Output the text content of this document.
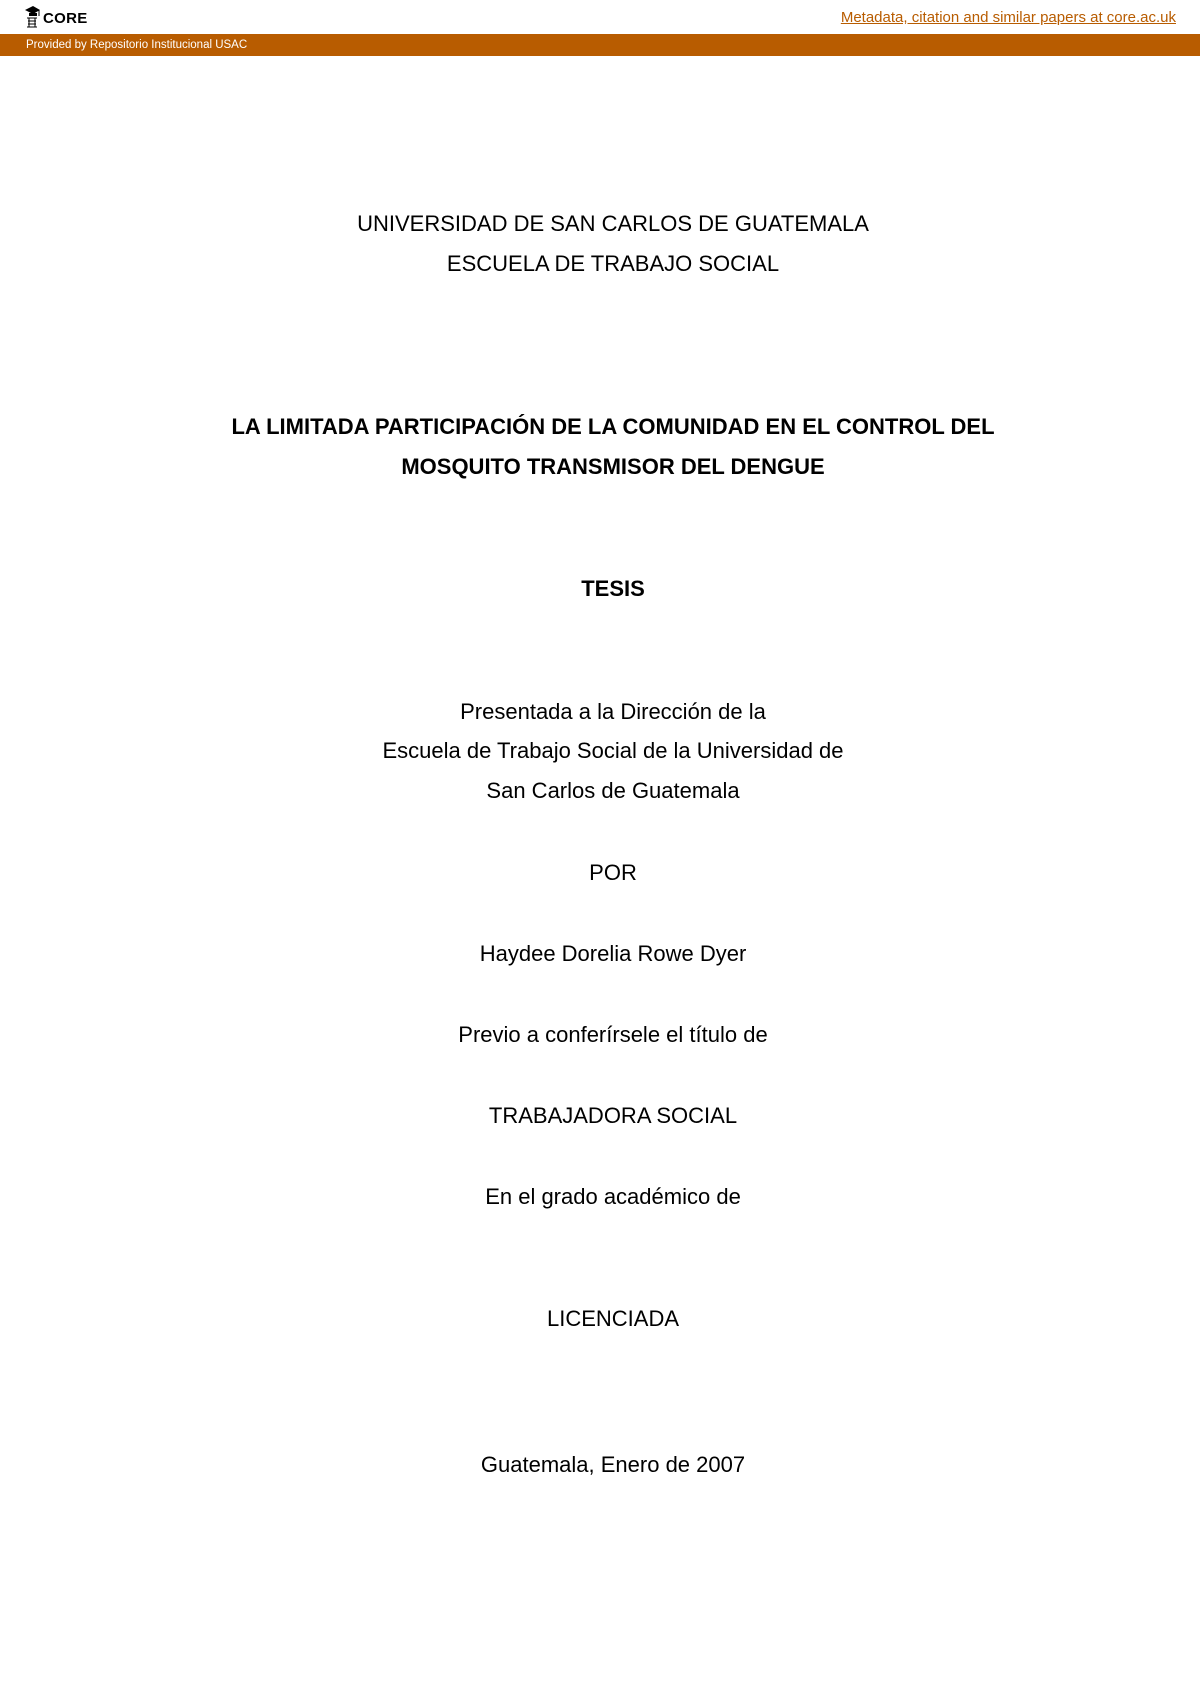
CORE	Metadata, citation and similar papers at core.ac.uk
Provided by Repositorio Institucional USAC
UNIVERSIDAD DE SAN CARLOS DE GUATEMALA
ESCUELA DE TRABAJO SOCIAL
LA LIMITADA PARTICIPACIÓN DE LA COMUNIDAD EN EL CONTROL DEL
MOSQUITO TRANSMISOR DEL DENGUE
TESIS
Presentada a la Dirección de la
Escuela de Trabajo Social de la Universidad de
San Carlos de Guatemala
POR
Haydee Dorelia Rowe Dyer
Previo a conferírsele el título de
TRABAJADORA SOCIAL
En el grado académico de
LICENCIADA
Guatemala, Enero de 2007
